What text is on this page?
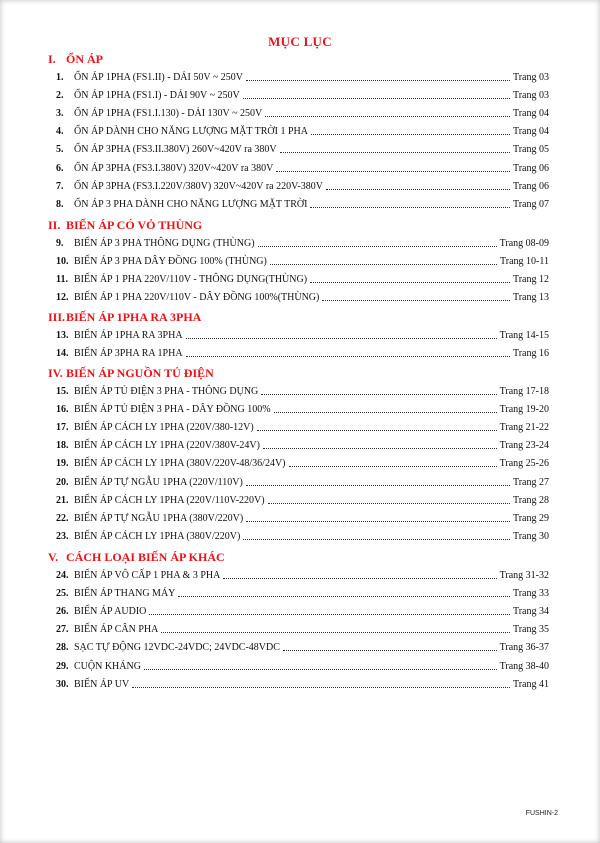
MỤC LỤC
I. ỔN ÁP
1. ỔN ÁP 1PHA (FS1.II) - DẢI 50V ~ 250V	Trang 03
2. ỔN ÁP 1PHA (FS1.I) - DẢI 90V ~ 250V	Trang 03
3. ỔN ÁP 1PHA (FS1.I.130) - DẢI 130V ~ 250V	Trang 04
4. ỔN ÁP DÀNH CHO NĂNG LƯỢNG MẶT TRỜI 1 PHA	Trang 04
5. ỔN ÁP 3PHA (FS3.II.380V) 260V~420V ra 380V	Trang 05
6. ỔN ÁP 3PHA (FS3.I.380V) 320V~420V ra 380V	Trang 06
7. ỔN ÁP 3PHA (FS3.I.220V/380V) 320V~420V ra 220V-380V	Trang 06
8. ỔN ÁP 3 PHA DÀNH CHO NĂNG LƯỢNG MẶT TRỜI	Trang 07
II. BIẾN ÁP CÓ VỎ THÙNG
9. BIẾN ÁP 3 PHA THÔNG DỤNG (THÙNG)	Trang 08-09
10. BIẾN ÁP 3 PHA DÂY ĐỒNG 100% (THÙNG)	Trang 10-11
11. BIẾN ÁP 1 PHA 220V/110V - THÔNG DỤNG(THÙNG)	Trang 12
12. BIẾN ÁP 1 PHA 220V/110V - DÂY ĐỒNG 100%(THÙNG)	Trang 13
III.BIẾN ÁP 1PHA RA 3PHA
13. BIẾN ÁP 1PHA RA 3PHA	Trang 14-15
14. BIẾN ÁP 3PHA RA 1PHA	Trang 16
IV. BIẾN ÁP NGUỒN TỦ ĐIỆN
15. BIẾN ÁP TỦ ĐIỆN 3 PHA - THÔNG DỤNG	Trang 17-18
16. BIẾN ÁP TỦ ĐIỆN 3 PHA - DÂY ĐỒNG 100%	Trang 19-20
17. BIẾN ÁP CÁCH LY 1PHA (220V/380-12V)	Trang 21-22
18. BIẾN ÁP CÁCH LY 1PHA (220V/380V-24V)	Trang 23-24
19. BIẾN ÁP CÁCH LY 1PHA (380V/220V-48/36/24V)	Trang 25-26
20. BIẾN ÁP TỰ NGẪU 1PHA (220V/110V)	Trang 27
21. BIẾN ÁP CÁCH LY 1PHA (220V/110V-220V)	Trang 28
22. BIẾN ÁP TỰ NGẪU 1PHA (380V/220V)	Trang 29
23. BIẾN ÁP CÁCH LY 1PHA (380V/220V)	Trang 30
V. CÁCH LOẠI BIẾN ÁP KHÁC
24. BIẾN ÁP VÔ CẤP 1 PHA & 3 PHA	Trang 31-32
25. BIẾN ÁP THANG MÁY	Trang 33
26. BIẾN ÁP AUDIO	Trang 34
27. BIẾN ÁP CÂN PHA	Trang 35
28. SẠC TỰ ĐỘNG 12VDC-24VDC; 24VDC-48VDC	Trang 36-37
29. CUỘN KHÁNG	Trang 38-40
30. BIẾN ÁP UV	Trang 41
FUSHIN-2
